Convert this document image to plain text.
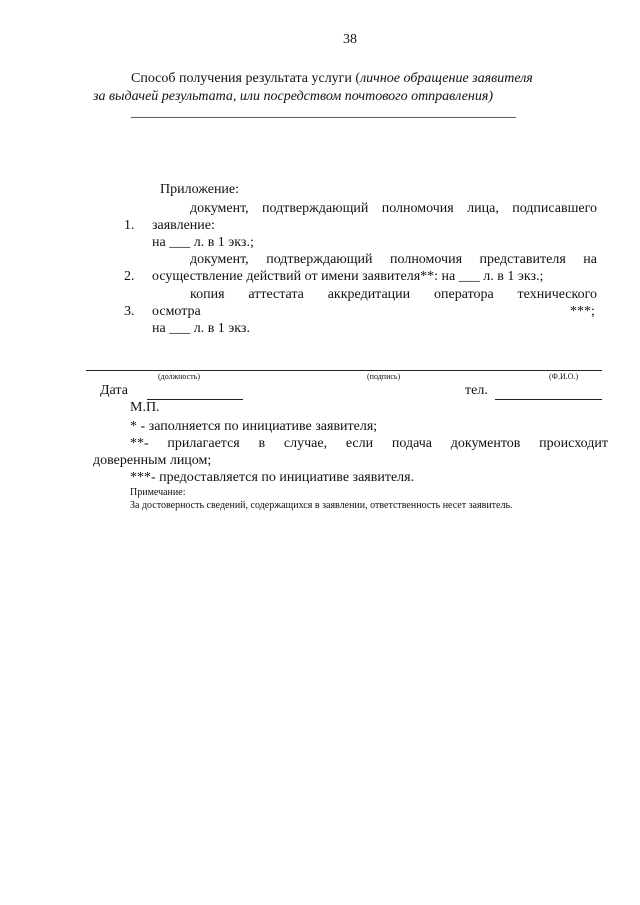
38
Способ получения результата услуги (личное обращение заявителя
за выдачей результата, или посредством почтового отправления)
_______________________________________________________
Приложение:
документ, подтверждающий полномочия лица, подписавшего
1. заявление:
на ___ л. в 1 экз.;
документ, подтверждающий полномочия представителя на
2. осуществление действий от имени заявителя**: на ___ л. в 1 экз.;
копия аттестата аккредитации оператора технического
3. осмотра	***;
на ___ л. в 1 экз.
(должность)	(подпись)	(Ф.И.О.)
Дата	тел.
М.П.
* - заполняется по инициативе заявителя;
**- прилагается в случае, если подача документов происходит
доверенным лицом;
***- предоставляется по инициативе заявителя.
Примечание:
За достоверность сведений, содержащихся в заявлении, ответственность несет заявитель.
